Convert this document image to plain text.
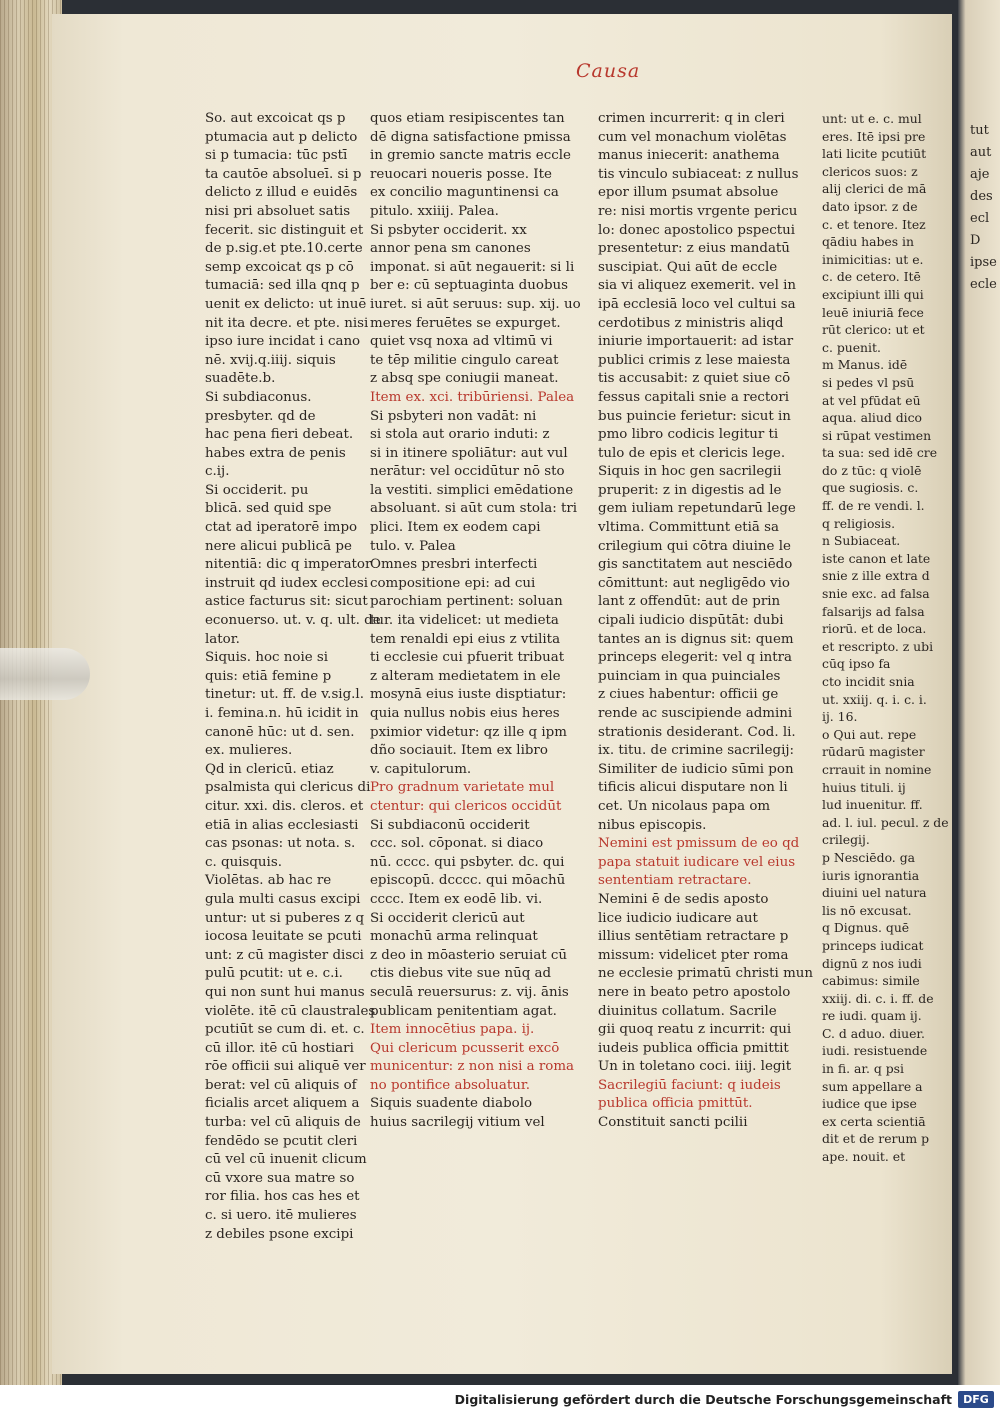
tut
aut
aje
des
ecl
D
ipse
ecle
Causa
So. aut excoicat qs p
ptumacia aut p delicto
si p tumacia: tūc pstī
ta cautōe absolueī. si p
delicto z illud e euidēs
nisi pri absoluet satis
fecerit. sic distinguit et
de p.sig.et pte.10.certe
semp excoicat qs p cō
tumaciā: sed illa qnq p
uenit ex delicto: ut inuē
nit ita decre. et pte. nisi
ipso iure incidat i cano
nē. xvij.q.iiij. siquis
suadēte.b.
Si subdiaconus.
presbyter. qd de
hac pena fieri debeat.
habes extra de penis
c.ij.
Si occiderit. pu
blicā. sed quid spe
ctat ad iperatorē impo
nere alicui publicā pe
nitentiā: dic q imperator
instruit qd iudex ecclesi
astice facturus sit: sicut
econuerso. ut. v. q. ult. de
lator.
Siquis. hoc noie si
quis: etiā femine p
tinetur: ut. ff. de v.sig.l.
i. femina.n. hū icidit in
canonē hūc: ut d. sen.
ex. mulieres.
Qd in clericū. etiaz
psalmista qui clericus di
citur. xxi. dis. cleros. et
etiā in alias ecclesiasti
cas psonas: ut nota. s.
c. quisquis.
Violētas. ab hac re
gula multi casus excipi
untur: ut si puberes z q
iocosa leuitate se pcuti
unt: z cū magister disci
pulū pcutit: ut e. c.i.
qui non sunt hui manus
violēte. itē cū claustrales
pcutiūt se cum di. et. c.
cū illor. itē cū hostiari
rōe officii sui aliquē ver
berat: vel cū aliquis of
ficialis arcet aliquem a
turba: vel cū aliquis de
fendēdo se pcutit cleri
cū vel cū inuenit clicum
cū vxore sua matre so
ror filia. hos cas hes et
c. si uero. itē mulieres
z debiles psone excipi
quos etiam resipiscentes tan
dē digna satisfactione pmissa
in gremio sancte matris eccle
reuocari noueris posse. Ite
ex concilio maguntinensi ca
pitulo. xxiiij. Palea.
Si psbyter occiderit. xx
annor pena sm canones
imponat. si aūt negauerit: si li
ber e: cū septuaginta duobus
iuret. si aūt seruus: sup. xij. uo
meres feruētes se expurget.
quiet vsq noxa ad vltimū vi
te tēp militie cingulo careat
z absq spe coniugii maneat.
Item ex. xci. tribūriensi. Palea
Si psbyteri non vadāt: ni
si stola aut orario induti: z
si in itinere spoliātur: aut vul
nerātur: vel occidūtur nō sto
la vestiti. simplici emēdatione
absoluant. si aūt cum stola: tri
plici. Item ex eodem capi
tulo. v. Palea
Omnes presbri interfecti
compositione epi: ad cui
parochiam pertinent: soluan
tur. ita videlicet: ut medieta
tem renaldi epi eius z vtilita
ti ecclesie cui pfuerit tribuat
z alteram medietatem in ele
mosynā eius iuste disptiatur:
quia nullus nobis eius heres
pximior videtur: qz ille q ipm
dño sociauit. Item ex libro
v. capitulorum.
Pro gradnum varietate mul
ctentur: qui clericos occidūt
Si subdiaconū occiderit
ccc. sol. cōponat. si diaco
nū. cccc. qui psbyter. dc. qui
episcopū. dcccc. qui mōachū
cccc. Item ex eodē lib. vi.
Si occiderit clericū aut
monachū arma relinquat
z deo in mōasterio seruiat cū
ctis diebus vite sue nūq ad
seculā reuersurus: z. vij. ānis
publicam penitentiam agat.
Item innocētius papa. ij.
Qui clericum pcusserit excō
municentur: z non nisi a roma
no pontifice absoluatur.
Siquis suadente diabolo
huius sacrilegij vitium vel
crimen incurrerit: q in cleri
cum vel monachum violētas
manus iniecerit: anathema
tis vinculo subiaceat: z nullus
epor illum psumat absolue
re: nisi mortis vrgente pericu
lo: donec apostolico pspectui
presentetur: z eius mandatū
suscipiat. Qui aūt de eccle
sia vi aliquez exemerit. vel in
ipā ecclesiā loco vel cultui sa
cerdotibus z ministris aliqd
iniurie importauerit: ad istar
publici crimis z lese maiesta
tis accusabit: z quiet siue cō
fessus capitali snie a rectori
bus puincie ferietur: sicut in
pmo libro codicis legitur ti
tulo de epis et clericis lege.
Siquis in hoc gen sacrilegii
pruperit: z in digestis ad le
gem iuliam repetundarū lege
vltima. Committunt etiā sa
crilegium qui cōtra diuine le
gis sanctitatem aut nesciēdo
cōmittunt: aut negligēdo vio
lant z offendūt: aut de prin
cipali iudicio dispūtāt: dubi
tantes an is dignus sit: quem
princeps elegerit: vel q intra
puinciam in qua puinciales
z ciues habentur: officii ge
rende ac suscipiende admini
strationis desiderant. Cod. li.
ix. titu. de crimine sacrilegij:
Similiter de iudicio sūmi pon
tificis alicui disputare non li
cet. Un nicolaus papa om
nibus episcopis.
Nemini est pmissum de eo qd
papa statuit iudicare vel eius
sententiam retractare.
Nemini ē de sedis aposto
lice iudicio iudicare aut
illius sentētiam retractare p
missum: videlicet pter roma
ne ecclesie primatū christi mun
nere in beato petro apostolo
diuinitus collatum. Sacrile
gii quoq reatu z incurrit: qui
iudeis publica officia pmittit
Un in toletano coci. iiij. legit
Sacrilegiū faciunt: q iudeis
publica officia pmittūt.
Constituit sancti pcilii
unt: ut e. c. mul
eres. Itē ipsi pre
lati licite pcutiūt
clericos suos: z
alij clerici de mā
dato ipsor. z de
c. et tenore. Itez
qādiu habes in
inimicitias: ut e.
c. de cetero. Itē
excipiunt illi qui
leuē iniuriā fece
rūt clerico: ut et
c. puenit.
m Manus. idē
si pedes vl psū
at vel pfūdat eū
aqua. aliud dico
si rūpat vestimen
ta sua: sed idē cre
do z tūc: q violē
que sugiosis. c.
ff. de re vendi. l.
q religiosis.
n Subiaceat.
iste canon et late
snie z ille extra d
snie exc. ad falsa
falsarijs ad falsa
riorū. et de loca.
et rescripto. z ubi
cūq ipso fa
cto incidit snia
ut. xxiij. q. i. c. i.
ij. 16.
o Qui aut. repe
rūdarū magister
crrauit in nomine
huius tituli. ij
lud inuenitur. ff.
ad. l. iul. pecul. z de
crilegij.
p Nesciēdo. ga
iuris ignorantia
diuini uel natura
lis nō excusat.
q Dignus. quē
princeps iudicat
dignū z nos iudi
cabimus: simile
xxiij. di. c. i. ff. de
re iudi. quam ij.
C. d aduo. diuer.
iudi. resistuende
in fi. ar. q psi
sum appellare a
iudice que ipse
ex certa scientiā
dit et de rerum p
ape. nouit. et
Digitalisierung gefördert durch die Deutsche Forschungsgemeinschaft	DFG
